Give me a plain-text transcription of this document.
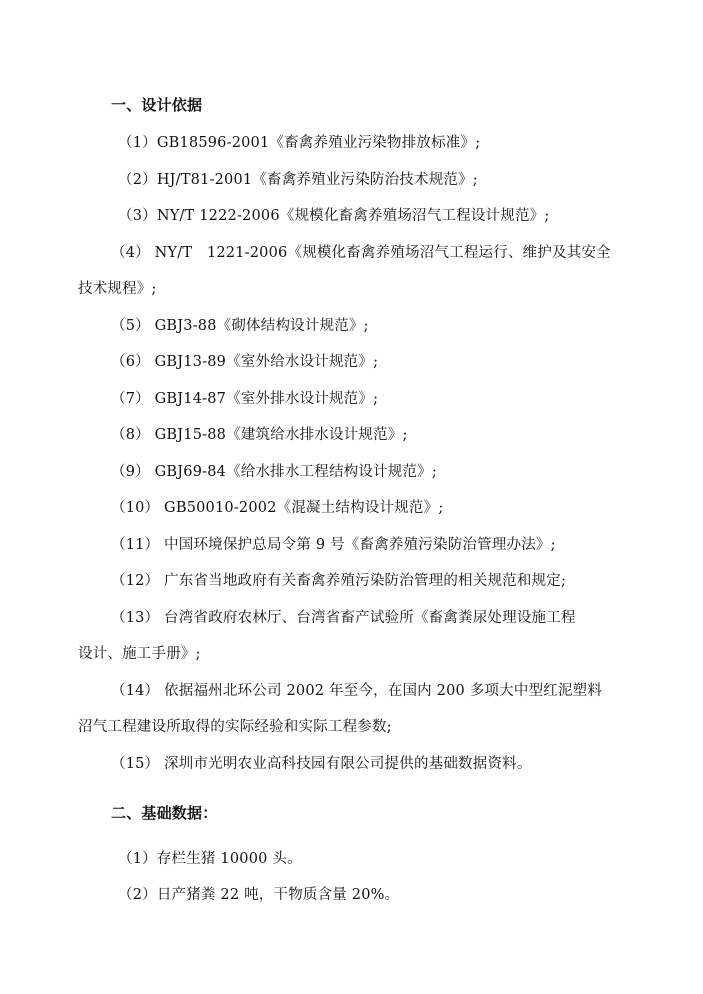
一、设计依据
（1）GB18596-2001《畜禽养殖业污染物排放标准》;
（2）HJ/T81-2001《畜禽养殖业污染防治技术规范》;
（3）NY/T 1222-2006《规模化畜禽养殖场沼气工程设计规范》;
（4） NY/T　1221-2006《规模化畜禽养殖场沼气工程运行、维护及其安全
技术规程》;
（5） GBJ3-88《砌体结构设计规范》;
（6） GBJ13-89《室外给水设计规范》;
（7） GBJ14-87《室外排水设计规范》;
（8） GBJ15-88《建筑给水排水设计规范》;
（9） GBJ69-84《给水排水工程结构设计规范》;
（10） GB50010-2002《混凝土结构设计规范》;
（11） 中国环境保护总局令第 9 号《畜禽养殖污染防治管理办法》;
（12） 广东省当地政府有关畜禽养殖污染防治管理的相关规范和规定;
（13） 台湾省政府农林厅、台湾省畜产试验所《畜禽粪尿处理设施工程
设计、施工手册》;
（14） 依据福州北环公司 2002 年至今，在国内 200 多项大中型红泥塑料
沼气工程建设所取得的实际经验和实际工程参数;
（15） 深圳市光明农业高科技园有限公司提供的基础数据资料。
二、基础数据：
（1）存栏生猪 10000 头。
（2）日产猪粪 22 吨，干物质含量 20%。
